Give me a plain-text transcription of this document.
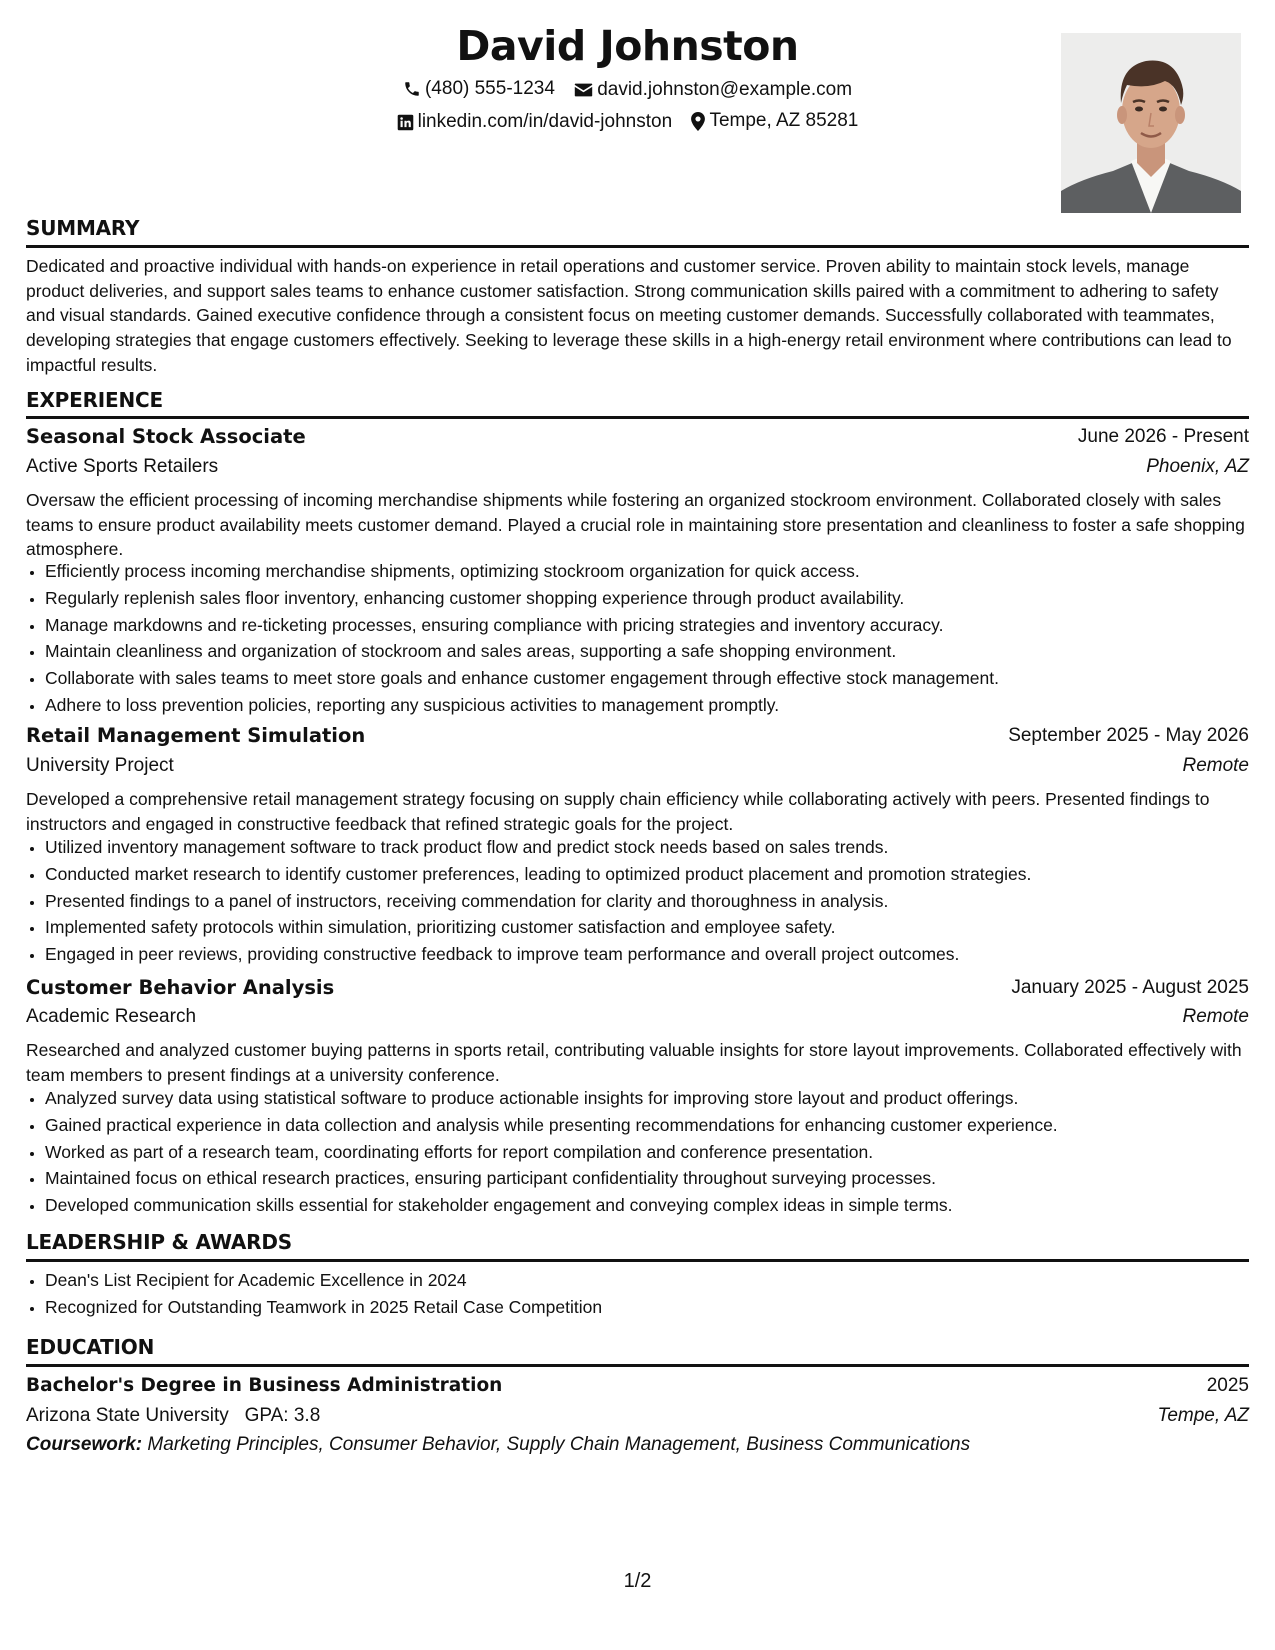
David Johnston
(480) 555-1234
david.johnston@example.com
linkedin.com/in/david-johnston
Tempe, AZ 85281
SUMMARY
Dedicated and proactive individual with hands-on experience in retail operations and customer service. Proven ability to maintain stock levels, manage product deliveries, and support sales teams to enhance customer satisfaction. Strong communication skills paired with a commitment to adhering to safety and visual standards. Gained executive confidence through a consistent focus on meeting customer demands. Successfully collaborated with teammates, developing strategies that engage customers effectively. Seeking to leverage these skills in a high-energy retail environment where contributions can lead to impactful results.
EXPERIENCE
Seasonal Stock Associate	June 2026 - Present
Active Sports Retailers	Phoenix, AZ
Oversaw the efficient processing of incoming merchandise shipments while fostering an organized stockroom environment. Collaborated closely with sales teams to ensure product availability meets customer demand. Played a crucial role in maintaining store presentation and cleanliness to foster a safe shopping atmosphere.
• Efficiently process incoming merchandise shipments, optimizing stockroom organization for quick access.
• Regularly replenish sales floor inventory, enhancing customer shopping experience through product availability.
• Manage markdowns and re-ticketing processes, ensuring compliance with pricing strategies and inventory accuracy.
• Maintain cleanliness and organization of stockroom and sales areas, supporting a safe shopping environment.
• Collaborate with sales teams to meet store goals and enhance customer engagement through effective stock management.
• Adhere to loss prevention policies, reporting any suspicious activities to management promptly.
Retail Management Simulation	September 2025 - May 2026
University Project	Remote
Developed a comprehensive retail management strategy focusing on supply chain efficiency while collaborating actively with peers. Presented findings to instructors and engaged in constructive feedback that refined strategic goals for the project.
• Utilized inventory management software to track product flow and predict stock needs based on sales trends.
• Conducted market research to identify customer preferences, leading to optimized product placement and promotion strategies.
• Presented findings to a panel of instructors, receiving commendation for clarity and thoroughness in analysis.
• Implemented safety protocols within simulation, prioritizing customer satisfaction and employee safety.
• Engaged in peer reviews, providing constructive feedback to improve team performance and overall project outcomes.
Customer Behavior Analysis	January 2025 - August 2025
Academic Research	Remote
Researched and analyzed customer buying patterns in sports retail, contributing valuable insights for store layout improvements. Collaborated effectively with team members to present findings at a university conference.
• Analyzed survey data using statistical software to produce actionable insights for improving store layout and product offerings.
• Gained practical experience in data collection and analysis while presenting recommendations for enhancing customer experience.
• Worked as part of a research team, coordinating efforts for report compilation and conference presentation.
• Maintained focus on ethical research practices, ensuring participant confidentiality throughout surveying processes.
• Developed communication skills essential for stakeholder engagement and conveying complex ideas in simple terms.
LEADERSHIP & AWARDS
• Dean's List Recipient for Academic Excellence in 2024
• Recognized for Outstanding Teamwork in 2025 Retail Case Competition
EDUCATION
Bachelor's Degree in Business Administration	2025
Arizona State University GPA: 3.8	Tempe, AZ
Coursework: Marketing Principles, Consumer Behavior, Supply Chain Management, Business Communications
1/2
